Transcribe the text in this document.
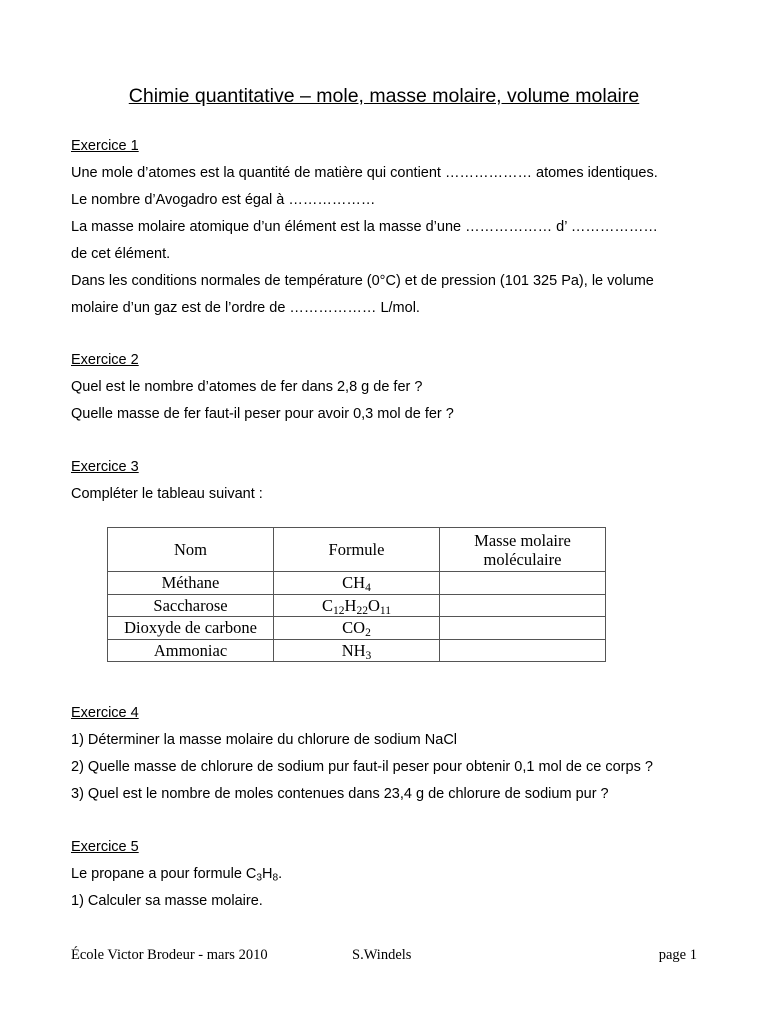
Chimie quantitative – mole, masse molaire, volume molaire
Exercice 1
Une mole d’atomes est la quantité de matière qui contient ……………… atomes identiques.
Le nombre d’Avogadro est égal à ………………
La masse molaire atomique d’un élément est la masse d’une ……………… d’ ………………
de cet élément.
Dans les conditions normales de température (0°C) et de pression (101 325 Pa), le volume
molaire d’un gaz est de l’ordre de ……………… L/mol.
Exercice 2
Quel est le nombre d’atomes de fer dans 2,8 g de fer ?
Quelle masse de fer faut-il peser pour avoir 0,3 mol de fer ?
Exercice 3
Compléter le tableau suivant :
Nom	Formule	Masse molaire
moléculaire
Méthane	$CH_4$	
Saccharose	$C_{12}H_{22}O_{11}$	
Dioxyde de carbone	$CO_2$	
Ammoniac	$NH_3$	
Exercice 4
1) Déterminer la masse molaire du chlorure de sodium NaCl
2) Quelle masse de chlorure de sodium pur faut-il peser pour obtenir 0,1 mol de ce corps ?
3) Quel est le nombre de moles contenues dans 23,4 g de chlorure de sodium pur ?
Exercice 5
Le propane a pour formule $C_3H_8$.
1) Calculer sa masse molaire.
École Victor Brodeur - mars 2010	S.Windels	page 1
